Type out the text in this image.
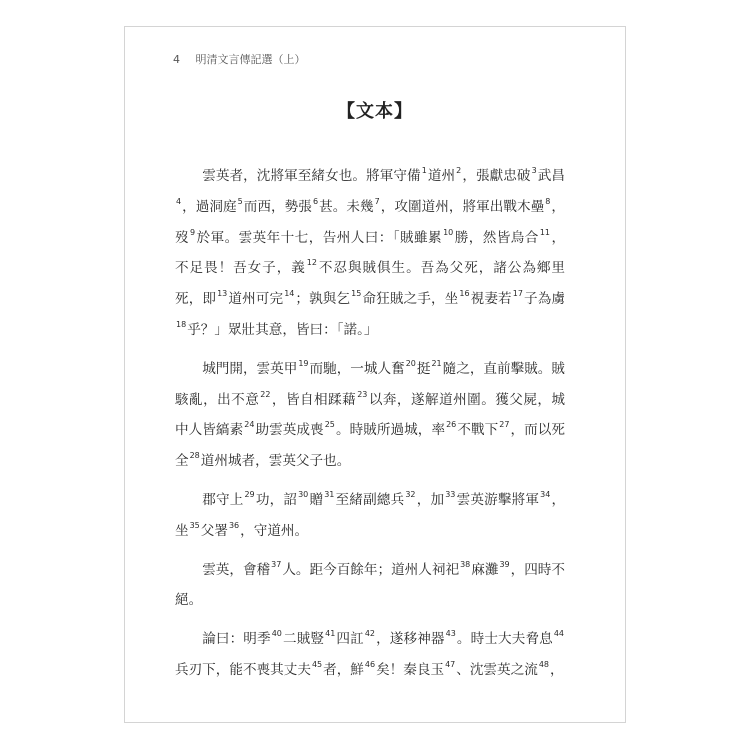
4 明清文言傳記選（上）
【文本】

雲英者，沈將軍至緒女也。將軍守備$^1$道州$^2$，張獻忠破$^3$武昌$^4$，過洞庭$^5$而西，勢張$^6$甚。未幾$^7$，攻圍道州，將軍出戰木壘$^8$，歿$^9$於軍。雲英年十七，告州人曰：「賊雖累$^{10}$勝，然皆烏合$^{11}$，不足畏！吾女子，義$^{12}$不忍與賊俱生。吾為父死，諸公為鄉里死，即$^{13}$道州可完$^{14}$；孰與乞$^{15}$命狂賊之手，坐$^{16}$視妻若$^{17}$子為虜$^{18}$乎？」眾壯其意，皆曰：「諾。」

城門開，雲英甲$^{19}$而馳，一城人奮$^{20}$挺$^{21}$隨之，直前擊賊。賊駭亂，出不意$^{22}$，皆自相蹂藉$^{23}$以奔，遂解道州圍。獲父屍，城中人皆縞素$^{24}$助雲英成喪$^{25}$。時賊所過城，率$^{26}$不戰下$^{27}$，而以死全$^{28}$道州城者，雲英父子也。

郡守上$^{29}$功，詔$^{30}$贈$^{31}$至緒副總兵$^{32}$，加$^{33}$雲英游擊將軍$^{34}$，坐$^{35}$父署$^{36}$，守道州。

雲英，會稽$^{37}$人。距今百餘年；道州人祠祀$^{38}$麻灘$^{39}$，四時不絕。

論曰：明季$^{40}$二賊豎$^{41}$四訌$^{42}$，遂移神器$^{43}$。時士大夫脅息$^{44}$兵刃下，能不喪其丈夫$^{45}$者，鮮$^{46}$矣！秦良玉$^{47}$、沈雲英之流$^{48}$，
